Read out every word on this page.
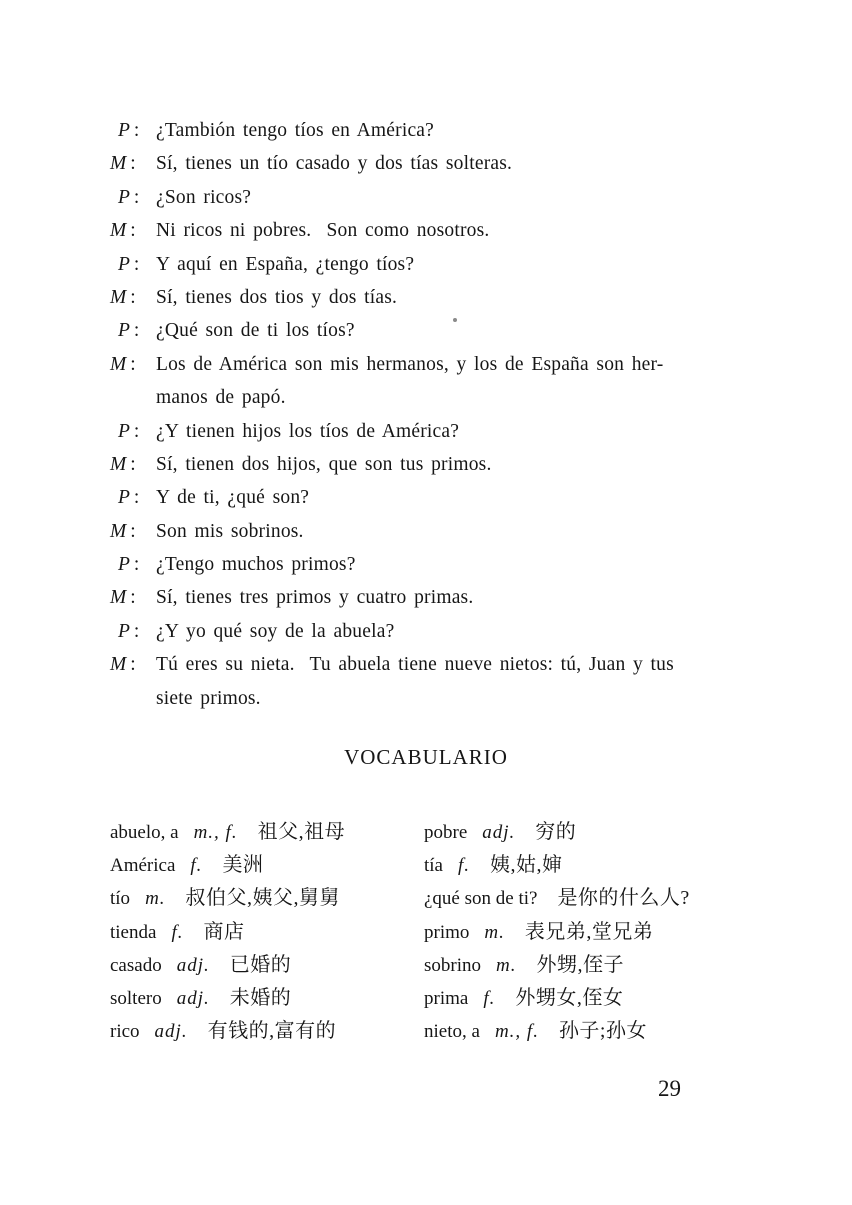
P : ¿Tambión tengo tíos en América?
M :	Sí, tienes un tío casado y dos tías solteras.
P : ¿Son ricos?
M :	Ni ricos ni pobres.  Son como nosotros.
P : Y aquí en España, ¿tengo tíos?
M :	Sí, tienes dos tios y dos tías.
P : ¿Qué son de ti los tíos?
M :	Los de América son mis hermanos, y los de España son her-
manos de papó.
P : ¿Y tienen hijos los tíos de América?
M :	Sí, tienen dos hijos, que son tus primos.
P : Y de ti, ¿qué son?
M :	Son mis sobrinos.
P : ¿Tengo muchos primos?
M :	Sí, tienes tres primos y cuatro primas.
P : ¿Y yo qué soy de la abuela?
M :	Tú eres su nieta.  Tu abuela tiene nueve nietos: tú, Juan y tus
siete primos.
VOCABULARIO
abuelo, a m., f. 祖父,祖母
América f. 美洲
tío m. 叔伯父,姨父,舅舅
tienda f. 商店
casado adj. 已婚的
soltero adj. 未婚的
rico adj. 有钱的,富有的
pobre adj. 穷的
tía f. 姨,姑,婶
¿qué son de ti? 是你的什么人?
primo m. 表兄弟,堂兄弟
sobrino m. 外甥,侄子
prima f. 外甥女,侄女
nieto, a m., f. 孙子;孙女
29
